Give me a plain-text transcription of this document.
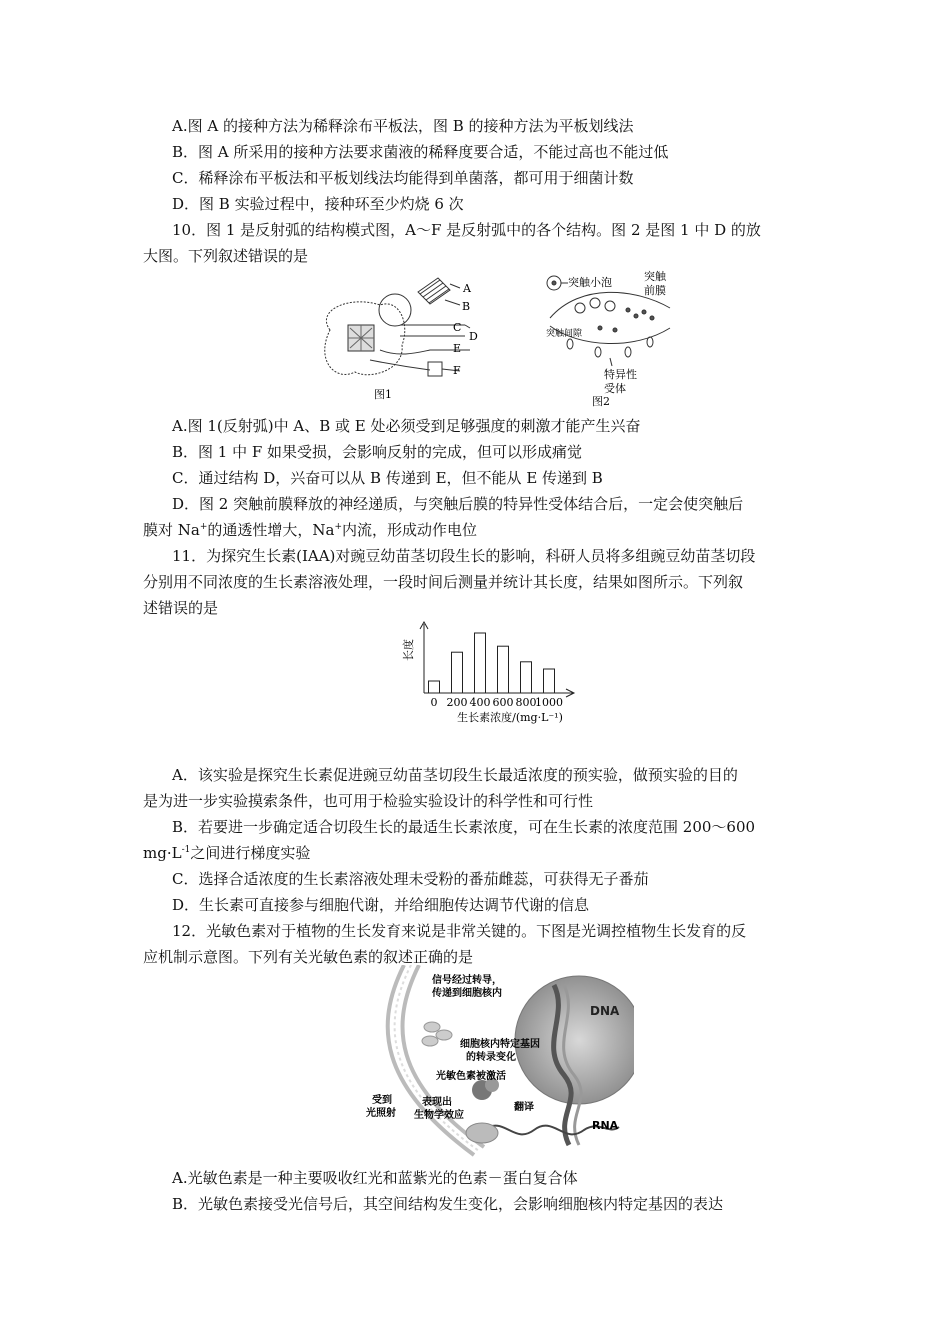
A.图 A 的接种方法为稀释涂布平板法，图 B 的接种方法为平板划线法
B．图 A 所采用的接种方法要求菌液的稀释度要合适，不能过高也不能过低
C．稀释涂布平板法和平板划线法均能得到单菌落，都可用于细菌计数
D．图 B 实验过程中，接种环至少灼烧 6 次
10．图 1 是反射弧的结构模式图，A～F 是反射弧中的各个结构。图 2 是图 1 中 D 的放
大图。下列叙述错误的是
A
B
C
D
E
F
图1
突触小泡	突触
前膜
突触间隙
特异性
受体
图2
A.图 1(反射弧)中 A、B 或 E 处必须受到足够强度的刺激才能产生兴奋
B．图 1 中 F 如果受损，会影响反射的完成，但可以形成痛觉
C．通过结构 D，兴奋可以从 B 传递到 E，但不能从 E 传递到 B
D．图 2 突触前膜释放的神经递质，与突触后膜的特异性受体结合后，一定会使突触后
膜对 Na+的通透性增大，Na+内流，形成动作电位
11．为探究生长素(IAA)对豌豆幼苗茎切段生长的影响，科研人员将多组豌豆幼苗茎切段
分别用不同浓度的生长素溶液处理，一段时间后测量并统计其长度，结果如图所示。下列叙
述错误的是
0 200 400 600 800
1000
长度
生长素浓度/(mg·L⁻¹)
A．该实验是探究生长素促进豌豆幼苗茎切段生长最适浓度的预实验，做预实验的目的
是为进一步实验摸索条件，也可用于检验实验设计的科学性和可行性
B．若要进一步确定适合切段生长的最适生长素浓度，可在生长素的浓度范围 200～600
$mg\cdot L^{-1}$之间进行梯度实验
C．选择合适浓度的生长素溶液处理未受粉的番茄雌蕊，可获得无子番茄
D．生长素可直接参与细胞代谢，并给细胞传达调节代谢的信息
12．光敏色素对于植物的生长发育来说是非常关键的。下图是光调控植物生长发育的反
应机制示意图。下列有关光敏色素的叙述正确的是
信号经过转导，
传递到细胞核内
DNA
细胞核内特定基因
的转录变化
光敏色素被激活
受到
光照射
表现出
生物学效应
翻译
RNA
A.光敏色素是一种主要吸收红光和蓝紫光的色素－蛋白复合体
B．光敏色素接受光信号后，其空间结构发生变化，会影响细胞核内特定基因的表达
